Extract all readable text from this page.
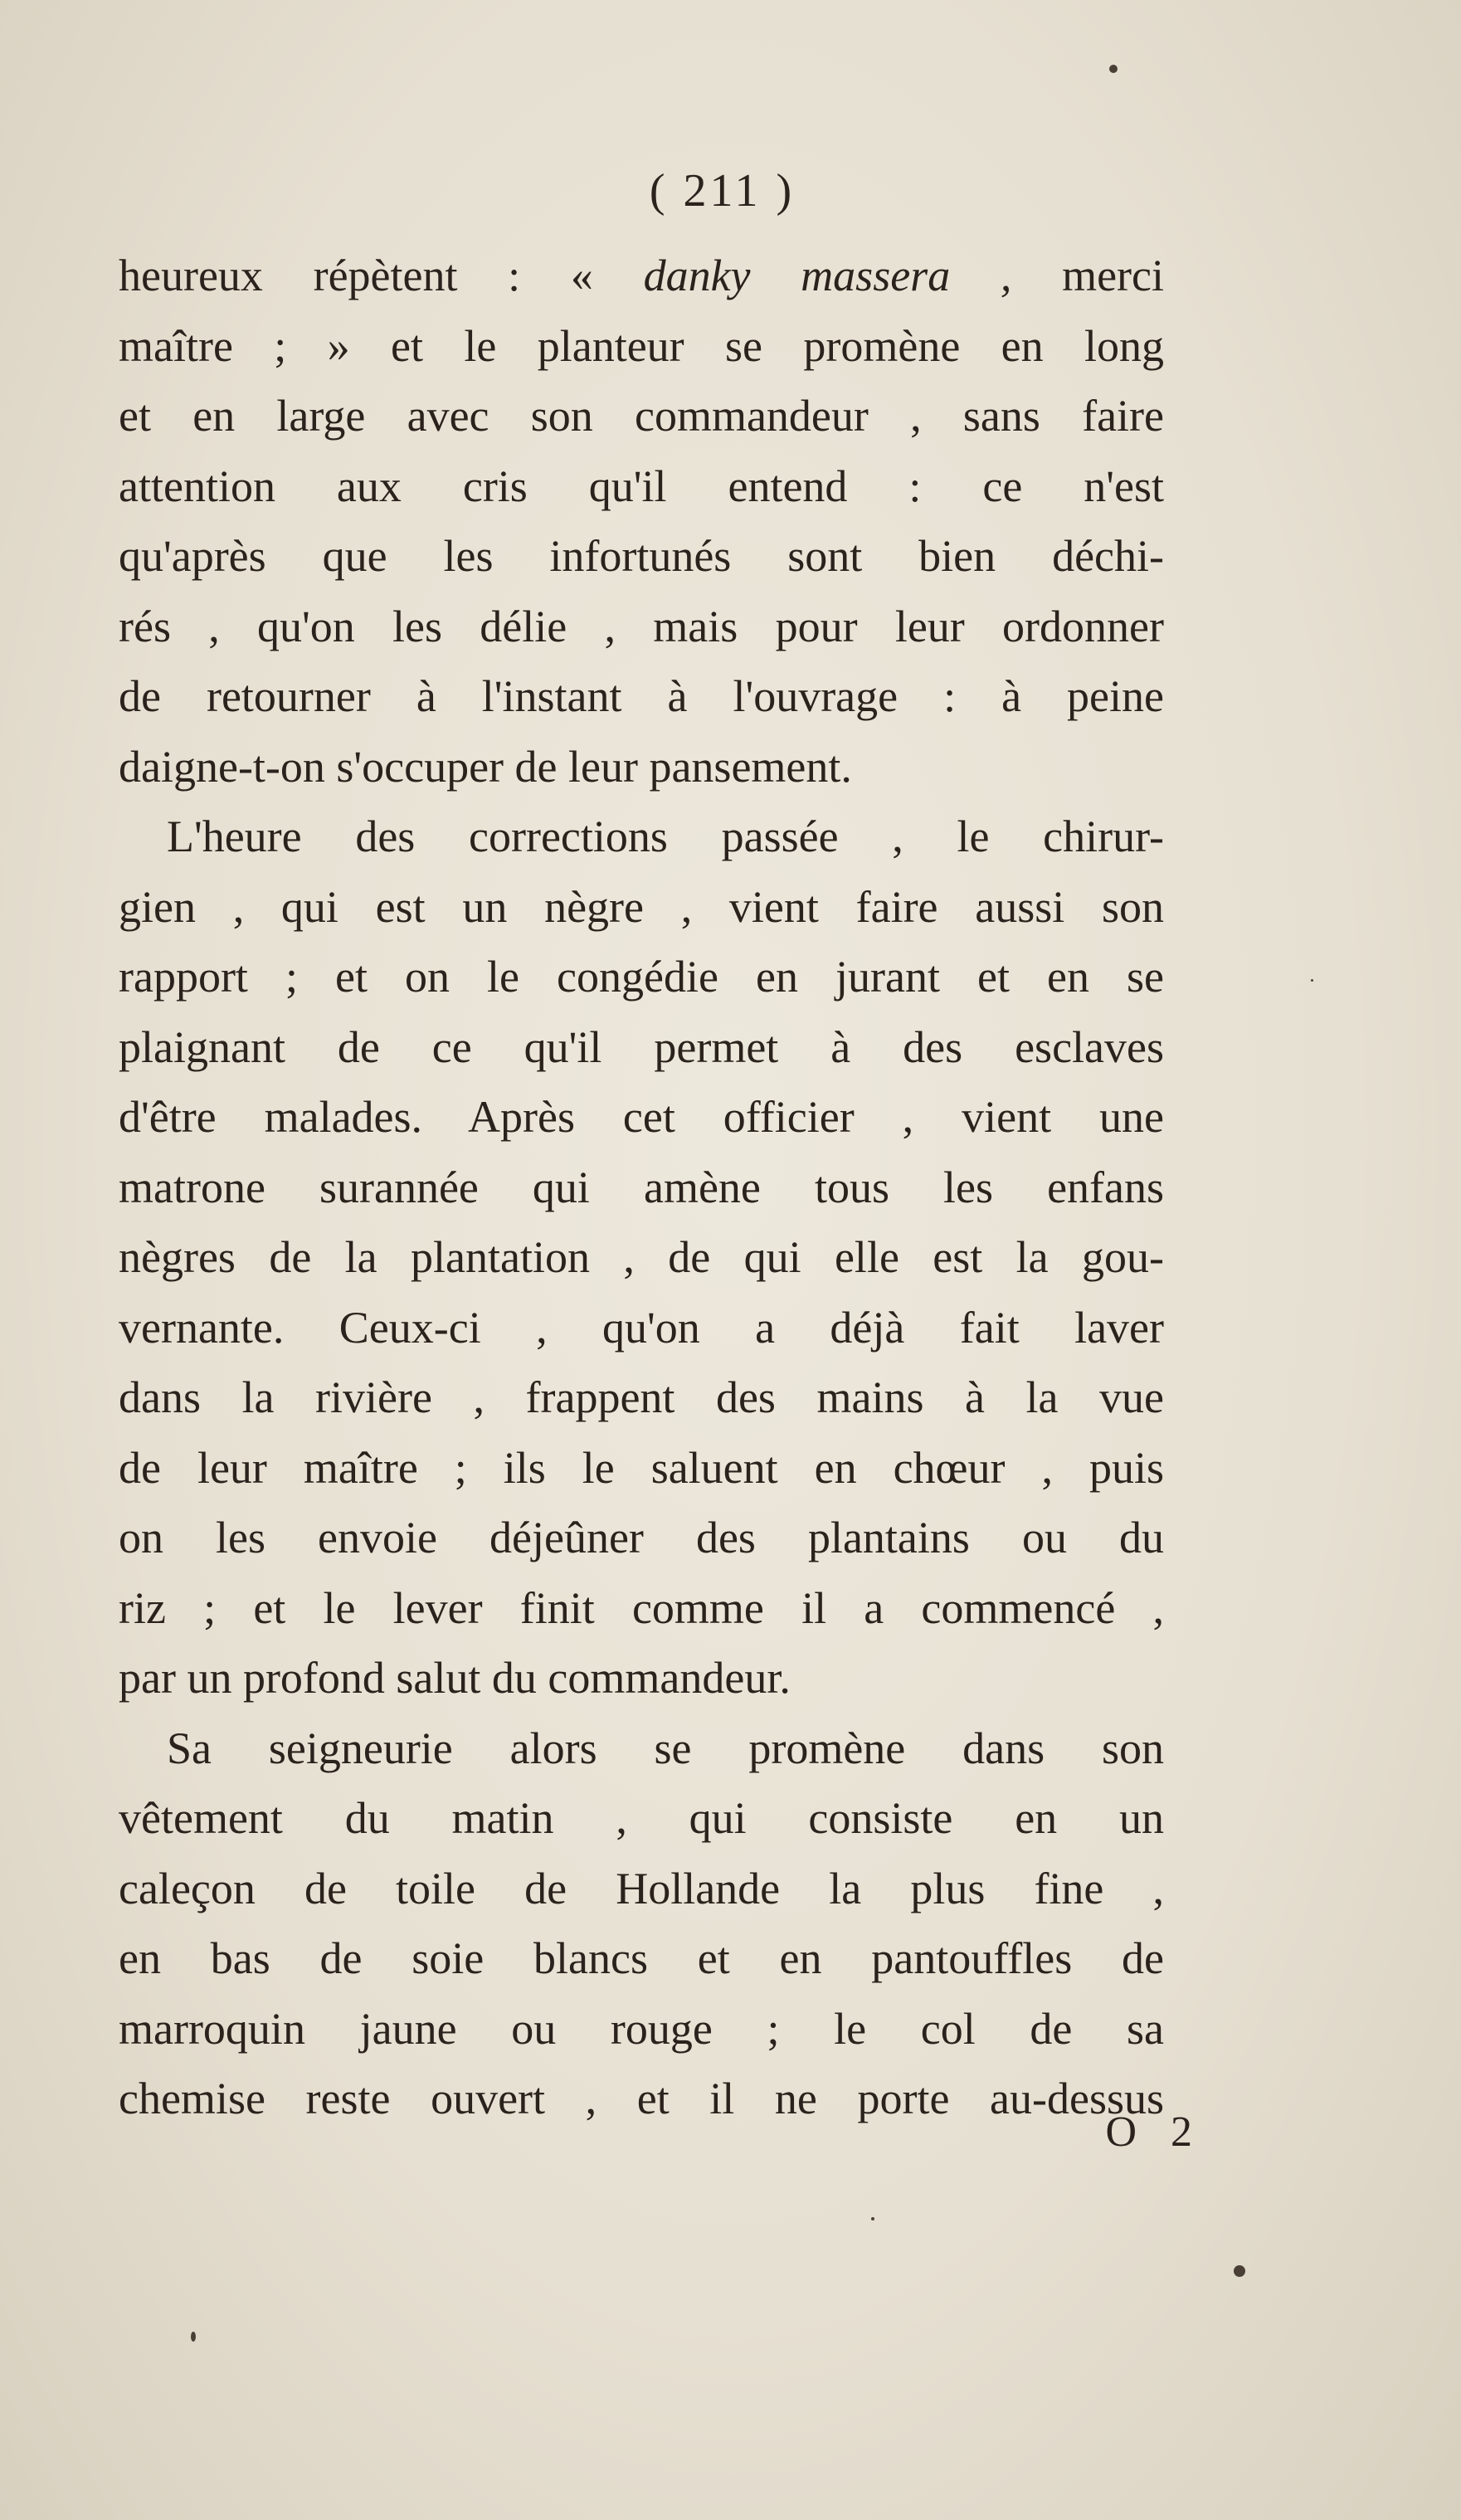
( 211 )
heureux répètent : « danky massera , merci
maître ; » et le planteur se promène en long
et en large avec son commandeur , sans faire
attention aux cris qu'il entend : ce n'est
qu'après que les infortunés sont bien déchi-
rés , qu'on les délie , mais pour leur ordonner
de retourner à l'instant à l'ouvrage : à peine
daigne-t-on s'occuper de leur pansement.
L'heure des corrections passée , le chirur-
gien , qui est un nègre , vient faire aussi son
rapport ; et on le congédie en jurant et en se
plaignant de ce qu'il permet à des esclaves
d'être malades. Après cet officier , vient une
matrone surannée qui amène tous les enfans
nègres de la plantation , de qui elle est la gou-
vernante. Ceux-ci , qu'on a déjà fait laver
dans la rivière , frappent des mains à la vue
de leur maître ; ils le saluent en chœur , puis
on les envoie déjeûner des plantains ou du
riz ; et le lever finit comme il a commencé ,
par un profond salut du commandeur.
Sa seigneurie alors se promène dans son
vêtement du matin , qui consiste en un
caleçon de toile de Hollande la plus fine ,
en bas de soie blancs et en pantouffles de
marroquin jaune ou rouge ; le col de sa
chemise reste ouvert , et il ne porte au-dessus
O 2
